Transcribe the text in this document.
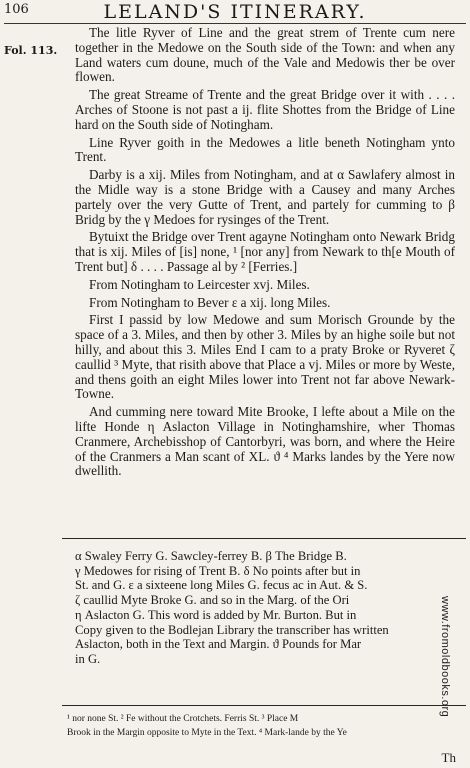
106	LELAND'S ITINERARY.
Fol. 113.

The litle Ryver of Line and the great strem of Trente cum nere together in the Medowe on the South side of the Town: and when any Land waters cum doune, much of the Vale and Medowis ther be over flowen.

The great Streame of Trente and the great Bridge over it with . . . . Arches of Stoone is not past a ij. flite Shottes from the Bridge of Line hard on the South side of Notingham.

Line Ryver goith in the Medowes a litle beneth Notingham ynto Trent.

Darby is a xij. Miles from Notingham, and at α Sawlafery almost in the Midle way is a stone Bridge with a Causey and many Arches partely over the very Gutte of Trent, and partely for cumming to β Bridg by the γ Medoes for rysinges of the Trent.

Bytuixt the Bridge over Trent agayne Notingham onto Newark Bridg that is xij. Miles of [is] none, ¹ [nor any] from Newark to th[e Mouth of Trent but] δ . . . . Passage al by ² [Ferries.]

From Notingham to Leircester xvj. Miles.

From Notingham to Bever ε a xij. long Miles.

First I passid by low Medowe and sum Morisch Grounde by the space of a 3. Miles, and then by other 3. Miles by an highe soile but not hilly, and about this 3. Miles End I cam to a praty Broke or Ryveret ζ caullid ³ Myte, that risith above that Place a vj. Miles or more by Weste, and thens goith an eight Miles lower into Trent not far above Newark-Towne.

And cumming nere toward Mite Brooke, I lefte about a Mile on the lifte Honde η Aslacton Village in Notinghamshire, wher Thomas Cranmere, Archebisshop of Cantorbyri, was born, and where the Heire of the Cranmers a Man scant of XL. ϑ ⁴ Marks landes by the Yere now dwellith.

α Swaley Ferry G. Sawcley-ferrey B. β The Bridge B.

γ Medowes for rising of Trent B. δ No points after but in

St. and G. ε a sixteene long Miles G. fecus ac in Aut. & S.

ζ caullid Myte Broke G. and so in the Marg. of the Ori

η Aslacton G. This word is added by Mr. Burton. But in

Copy given to the Bodlejan Library the transcriber has written

Aslacton, both in the Text and Margin. ϑ Pounds for Mar

in G.

¹ nor none St. ² Fe without the Crotchets. Ferris St. ³ Place M

Brook in the Margin opposite to Myte in the Text. ⁴ Mark-lande by the Ye

Th
www.fromoldbooks.org
